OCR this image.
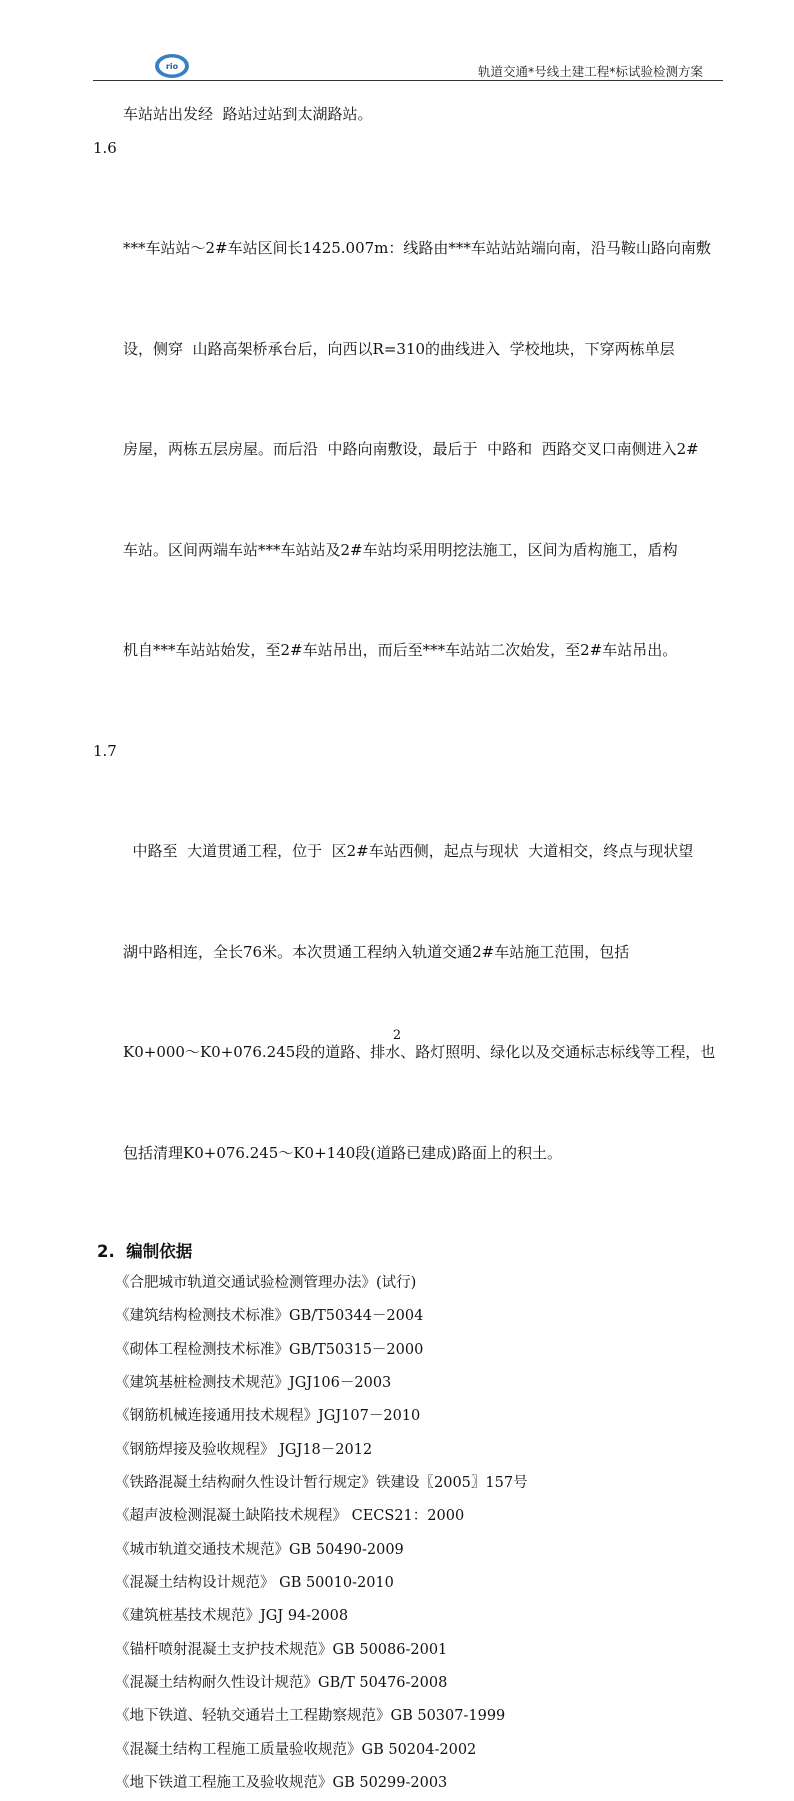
rio	轨道交通*号线土建工程*标试验检测方案
车站站出发经  路站过站到太湖路站。

1.6

***车站站～2#车站区间长1425.007m：线路由***车站站站端向南，沿马鞍山路向南敷

设，侧穿  山路高架桥承台后，向西以R=310的曲线进入  学校地块，下穿两栋单层

房屋，两栋五层房屋。而后沿  中路向南敷设，最后于  中路和  西路交叉口南侧进入2#

车站。区间两端车站***车站站及2#车站均采用明挖法施工，区间为盾构施工，盾构

机自***车站站始发，至2#车站吊出，而后至***车站站二次始发，至2#车站吊出。

1.7

中路至  大道贯通工程，位于  区2#车站西侧，起点与现状  大道相交，终点与现状望

湖中路相连，全长76米。本次贯通工程纳入轨道交通2#车站施工范围，包括

K0+000～K0+076.245段的道路、排水、路灯照明、绿化以及交通标志标线等工程，也

包括清理K0+076.245～K0+140段(道路已建成)路面上的积土。

2.  编制依据
《合肥城市轨道交通试验检测管理办法》(试行)
《建筑结构检测技术标准》GB/T50344－2004
《砌体工程检测技术标准》GB/T50315－2000
《建筑基桩检测技术规范》JGJ106－2003
《钢筋机械连接通用技术规程》JGJ107－2010
《钢筋焊接及验收规程》 JGJ18－2012
《铁路混凝土结构耐久性设计暂行规定》铁建设〖2005〗157号
《超声波检测混凝土缺陷技术规程》 CECS21：2000
《城市轨道交通技术规范》GB 50490-2009
《混凝土结构设计规范》 GB 50010-2010
《建筑桩基技术规范》JGJ 94-2008
《锚杆喷射混凝土支护技术规范》GB 50086-2001
《混凝土结构耐久性设计规范》GB/T 50476-2008
《地下铁道、轻轨交通岩土工程勘察规范》GB 50307-1999
《混凝土结构工程施工质量验收规范》GB 50204-2002
《地下铁道工程施工及验收规范》GB 50299-2003
2
